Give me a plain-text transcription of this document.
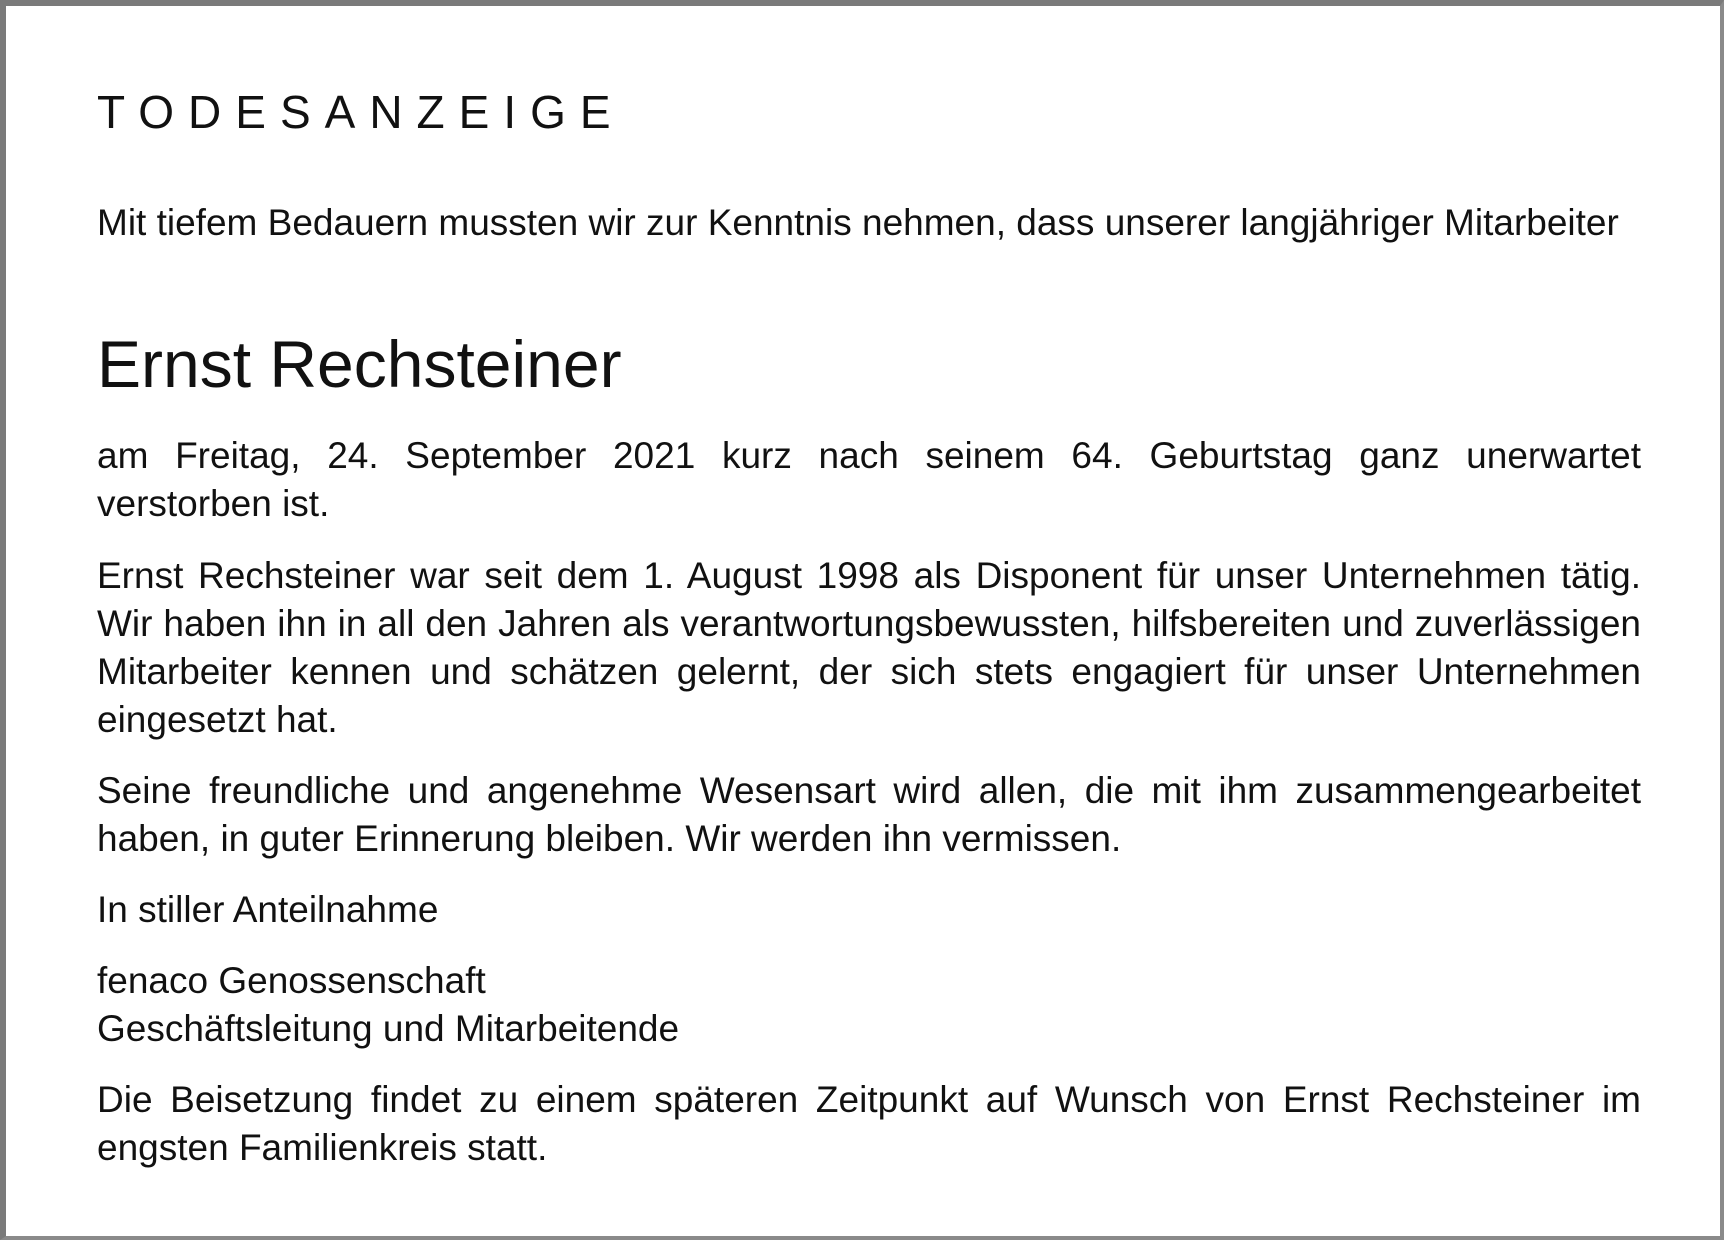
TODESANZEIGE

Mit tiefem Bedauern mussten wir zur Kenntnis nehmen, dass unserer langjähriger Mitarbeiter

Ernst Rechsteiner

am Freitag, 24. September 2021 kurz nach seinem 64. Geburtstag ganz unerwartet verstorben ist.

Ernst Rechsteiner war seit dem 1. August 1998 als Disponent für unser Unternehmen tätig. Wir haben ihn in all den Jahren als verantwortungsbewussten, hilfsbereiten und zuverlässigen Mitarbeiter kennen und schätzen gelernt, der sich stets engagiert für unser Unternehmen eingesetzt hat.

Seine freundliche und angenehme Wesensart wird allen, die mit ihm zusammengearbeitet haben, in guter Erinnerung bleiben. Wir werden ihn vermissen.

In stiller Anteilnahme

fenaco Genossenschaft
Geschäftsleitung und Mitarbeitende

Die Beisetzung findet zu einem späteren Zeitpunkt auf Wunsch von Ernst Rechsteiner im engsten Familienkreis statt.
